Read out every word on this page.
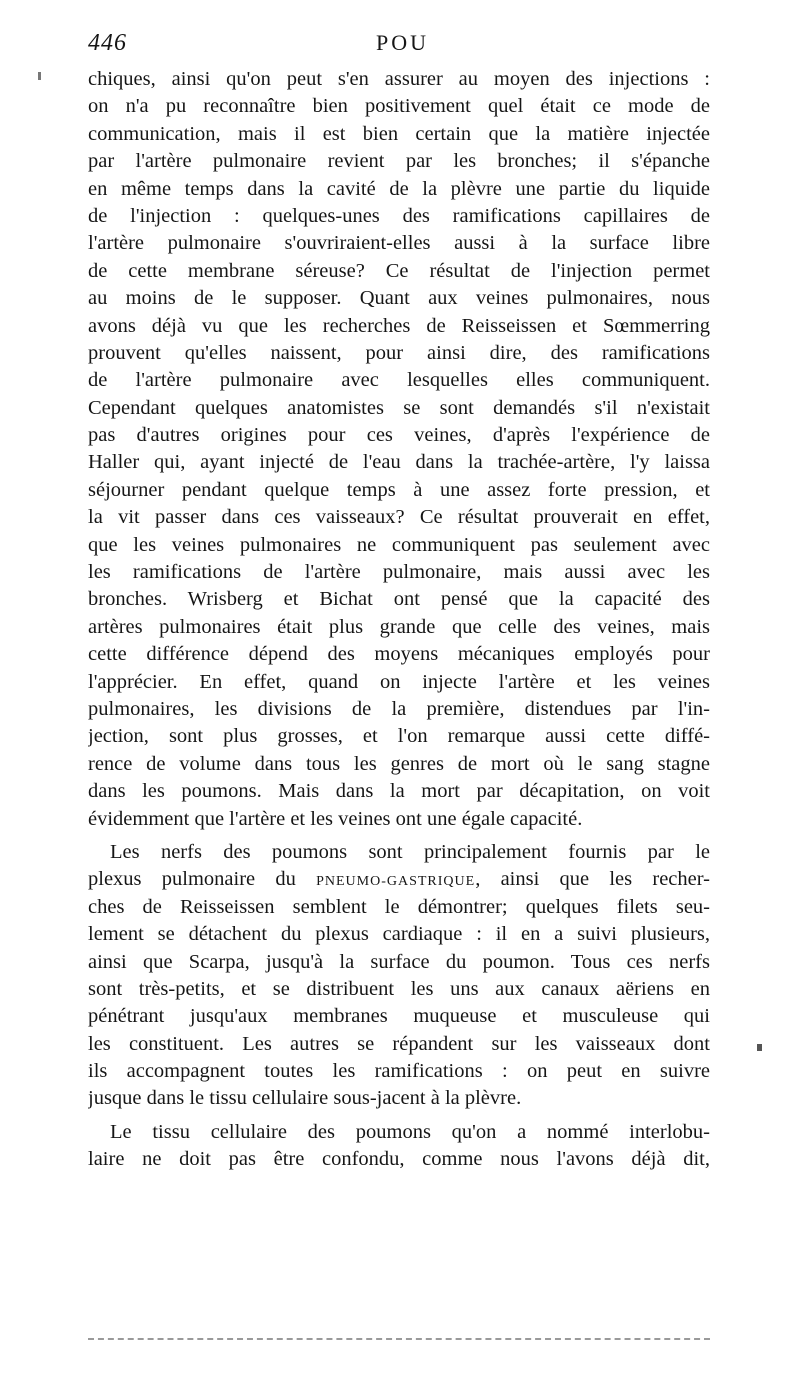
446	POU
chiques, ainsi qu'on peut s'en assurer au moyen des injections :
on n'a pu reconnaître bien positivement quel était ce mode de
communication, mais il est bien certain que la matière injectée
par l'artère pulmonaire revient par les bronches; il s'épanche
en même temps dans la cavité de la plèvre une partie du liquide
de l'injection : quelques-unes des ramifications capillaires de
l'artère pulmonaire s'ouvriraient-elles aussi à la surface libre
de cette membrane séreuse? Ce résultat de l'injection permet
au moins de le supposer. Quant aux veines pulmonaires, nous
avons déjà vu que les recherches de Reisseissen et Sœmmerring
prouvent qu'elles naissent, pour ainsi dire, des ramifications
de l'artère pulmonaire avec lesquelles elles communiquent.
Cependant quelques anatomistes se sont demandés s'il n'existait
pas d'autres origines pour ces veines, d'après l'expérience de
Haller qui, ayant injecté de l'eau dans la trachée-artère, l'y laissa
séjourner pendant quelque temps à une assez forte pression, et
la vit passer dans ces vaisseaux? Ce résultat prouverait en effet,
que les veines pulmonaires ne communiquent pas seulement avec
les ramifications de l'artère pulmonaire, mais aussi avec les
bronches. Wrisberg et Bichat ont pensé que la capacité des
artères pulmonaires était plus grande que celle des veines, mais
cette différence dépend des moyens mécaniques employés pour
l'apprécier. En effet, quand on injecte l'artère et les veines
pulmonaires, les divisions de la première, distendues par l'in-
jection, sont plus grosses, et l'on remarque aussi cette diffé-
rence de volume dans tous les genres de mort où le sang stagne
dans les poumons. Mais dans la mort par décapitation, on voit
évidemment que l'artère et les veines ont une égale capacité.
Les nerfs des poumons sont principalement fournis par le
plexus pulmonaire du PNEUMO-GASTRIQUE, ainsi que les recher-
ches de Reisseissen semblent le démontrer; quelques filets seu-
lement se détachent du plexus cardiaque : il en a suivi plusieurs,
ainsi que Scarpa, jusqu'à la surface du poumon. Tous ces nerfs
sont très-petits, et se distribuent les uns aux canaux aëriens en
pénétrant jusqu'aux membranes muqueuse et musculeuse qui
les constituent. Les autres se répandent sur les vaisseaux dont
ils accompagnent toutes les ramifications : on peut en suivre
jusque dans le tissu cellulaire sous-jacent à la plèvre.
Le tissu cellulaire des poumons qu'on a nommé interlobu-
laire ne doit pas être confondu, comme nous l'avons déjà dit,
